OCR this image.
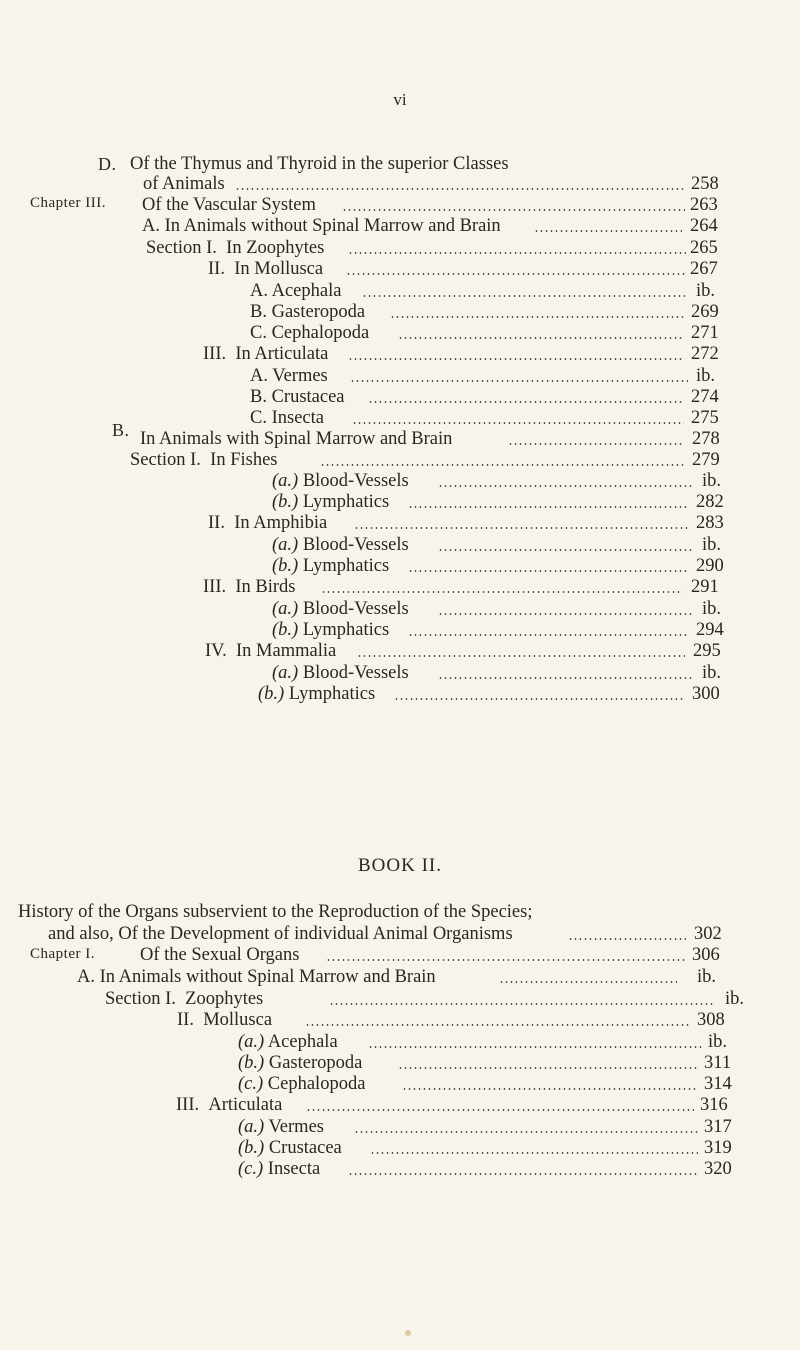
vi
D. Of the Thymus and Thyroid in the superior Classes
of Animals	258
Chapter III. Of the Vascular System	263
A. In Animals without Spinal Marrow and Brain	264
Section I. In Zoophytes	265
II. In Mollusca	267
A. Acephala	ib.
B. Gasteropoda	269
C. Cephalopoda	271
III. In Articulata	272
A. Vermes	ib.
B. Crustacea	274
C. Insecta	275
B. In Animals with Spinal Marrow and Brain	278
Section I. In Fishes	279
(a.) Blood-Vessels	ib.
(b.) Lymphatics	282
II. In Amphibia	283
(a.) Blood-Vessels	ib.
(b.) Lymphatics	290
III. In Birds	291
(a.) Blood-Vessels	ib.
(b.) Lymphatics	294
IV. In Mammalia	295
(a.) Blood-Vessels	ib.
(b.) Lymphatics	300
BOOK II.
History of the Organs subservient to the Reproduction of the Species;
and also, Of the Development of individual Animal Organisms	302
Chapter I. Of the Sexual Organs	306
A. In Animals without Spinal Marrow and Brain	ib.
Section I. Zoophytes	ib.
II. Mollusca	308
(a.) Acephala	ib.
(b.) Gasteropoda	311
(c.) Cephalopoda	314
III. Articulata	316
(a.) Vermes	317
(b.) Crustacea	319
(c.) Insecta	320
